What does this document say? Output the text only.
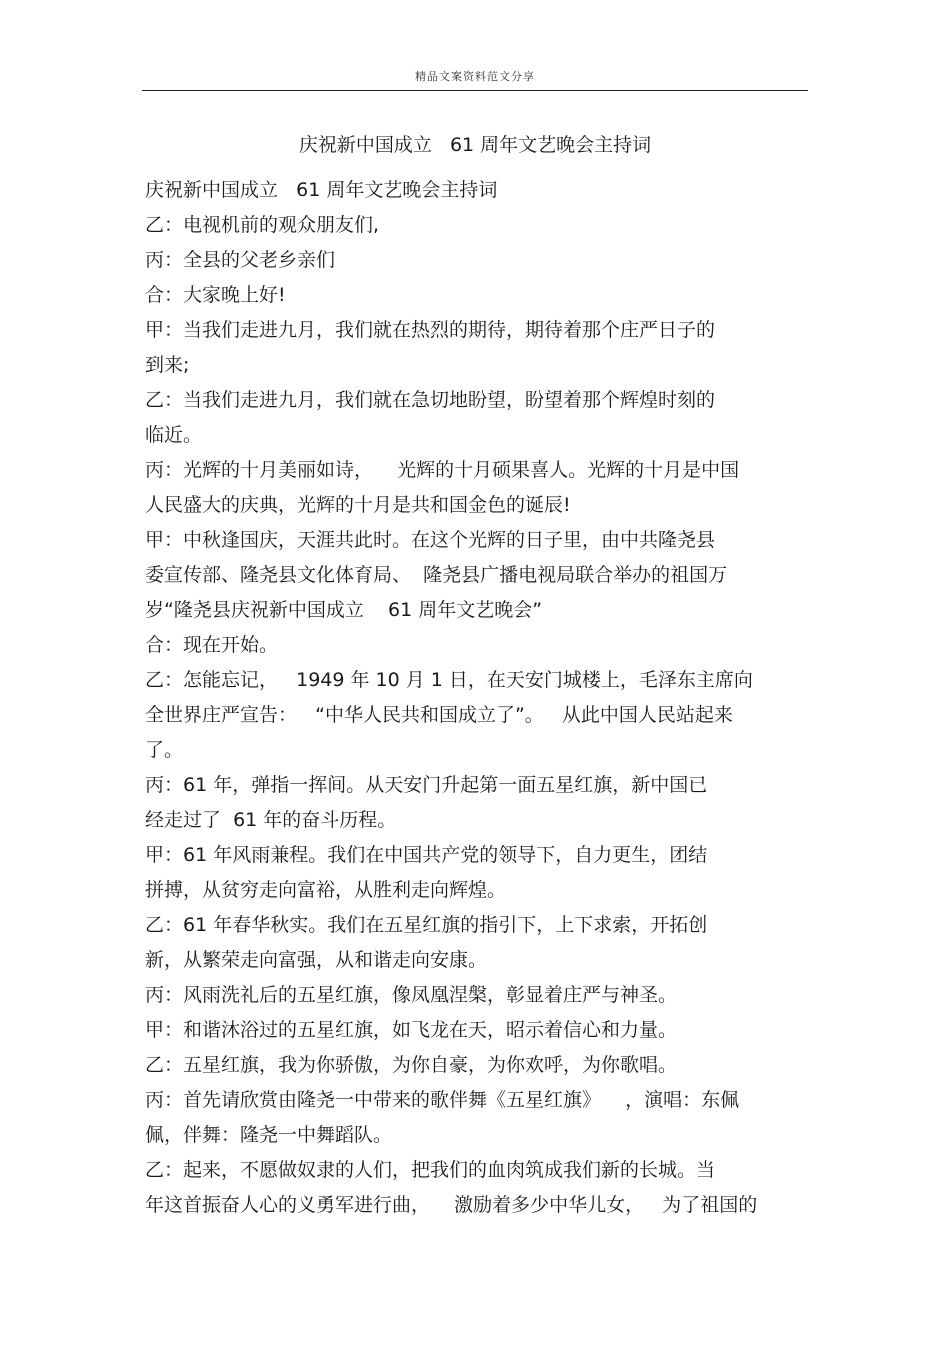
精品文案资料范文分享
庆祝新中国成立   61 周年文艺晚会主持词
庆祝新中国成立   61 周年文艺晚会主持词
乙：电视机前的观众朋友们,
丙：全县的父老乡亲们
合：大家晚上好!
甲：当我们走进九月，我们就在热烈的期待，期待着那个庄严日子的
到来;
乙：当我们走进九月，我们就在急切地盼望，盼望着那个辉煌时刻的
临近。
丙：光辉的十月美丽如诗，    光辉的十月硕果喜人。光辉的十月是中国
人民盛大的庆典，光辉的十月是共和国金色的诞辰!
甲：中秋逢国庆，天涯共此时。在这个光辉的日子里，由中共隆尧县
委宣传部、隆尧县文化体育局、  隆尧县广播电视局联合举办的祖国万
岁“隆尧县庆祝新中国成立    61 周年文艺晚会”
合：现在开始。
乙：怎能忘记，   1949 年 10 月 1 日，在天安门城楼上，毛泽东主席向
全世界庄严宣告：   “中华人民共和国成立了”。   从此中国人民站起来
了。
丙：61 年，弹指一挥间。从天安门升起第一面五星红旗，新中国已
经走过了  61 年的奋斗历程。
甲：61 年风雨兼程。我们在中国共产党的领导下，自力更生，团结
拼搏，从贫穷走向富裕，从胜利走向辉煌。
乙：61 年春华秋实。我们在五星红旗的指引下，上下求索，开拓创
新，从繁荣走向富强，从和谐走向安康。
丙：风雨洗礼后的五星红旗，像凤凰涅槃，彰显着庄严与神圣。
甲：和谐沐浴过的五星红旗，如飞龙在天，昭示着信心和力量。
乙：五星红旗，我为你骄傲，为你自豪，为你欢呼，为你歌唱。
丙：首先请欣赏由隆尧一中带来的歌伴舞《五星红旗》    ，演唱：东佩
佩，伴舞：隆尧一中舞蹈队。
乙：起来，不愿做奴隶的人们，把我们的血肉筑成我们新的长城。当
年这首振奋人心的义勇军进行曲，    激励着多少中华儿女，   为了祖国的
